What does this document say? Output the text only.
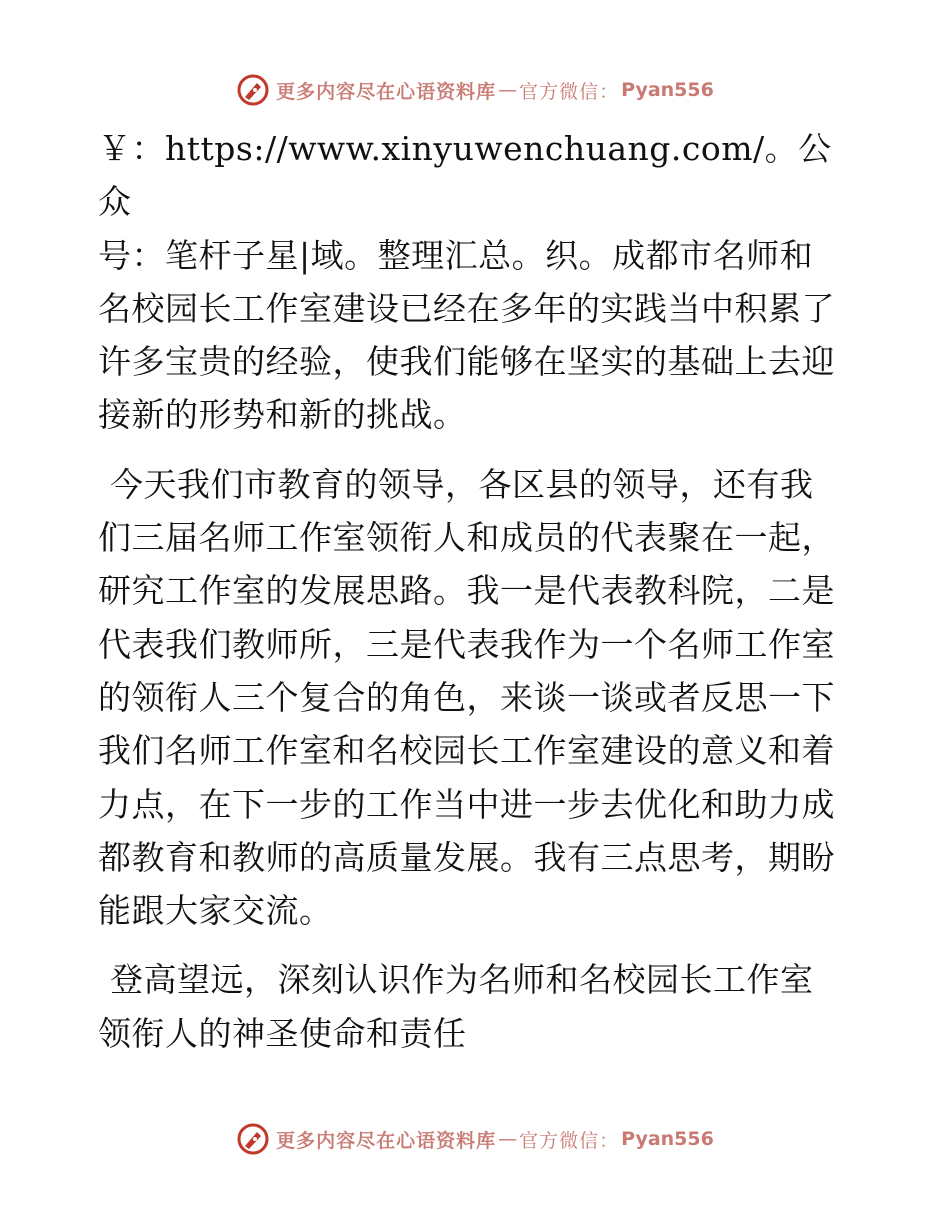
更多内容尽在心语资料库 — 官方微信： Pyan556

￥：https://www.xinyuwenchuang.com/。公众
号：笔杆子星|域。整理汇总。织。成都市名师和
名校园长工作室建设已经在多年的实践当中积累了
许多宝贵的经验，使我们能够在坚实的基础上去迎
接新的形势和新的挑战。

今天我们市教育的领导，各区县的领导，还有我
们三届名师工作室领衔人和成员的代表聚在一起，
研究工作室的发展思路。我一是代表教科院，二是
代表我们教师所，三是代表我作为一个名师工作室
的领衔人三个复合的角色，来谈一谈或者反思一下
我们名师工作室和名校园长工作室建设的意义和着
力点，在下一步的工作当中进一步去优化和助力成
都教育和教师的高质量发展。我有三点思考，期盼
能跟大家交流。

登高望远，深刻认识作为名师和名校园长工作室
领衔人的神圣使命和责任

更多内容尽在心语资料库 — 官方微信： Pyan556
